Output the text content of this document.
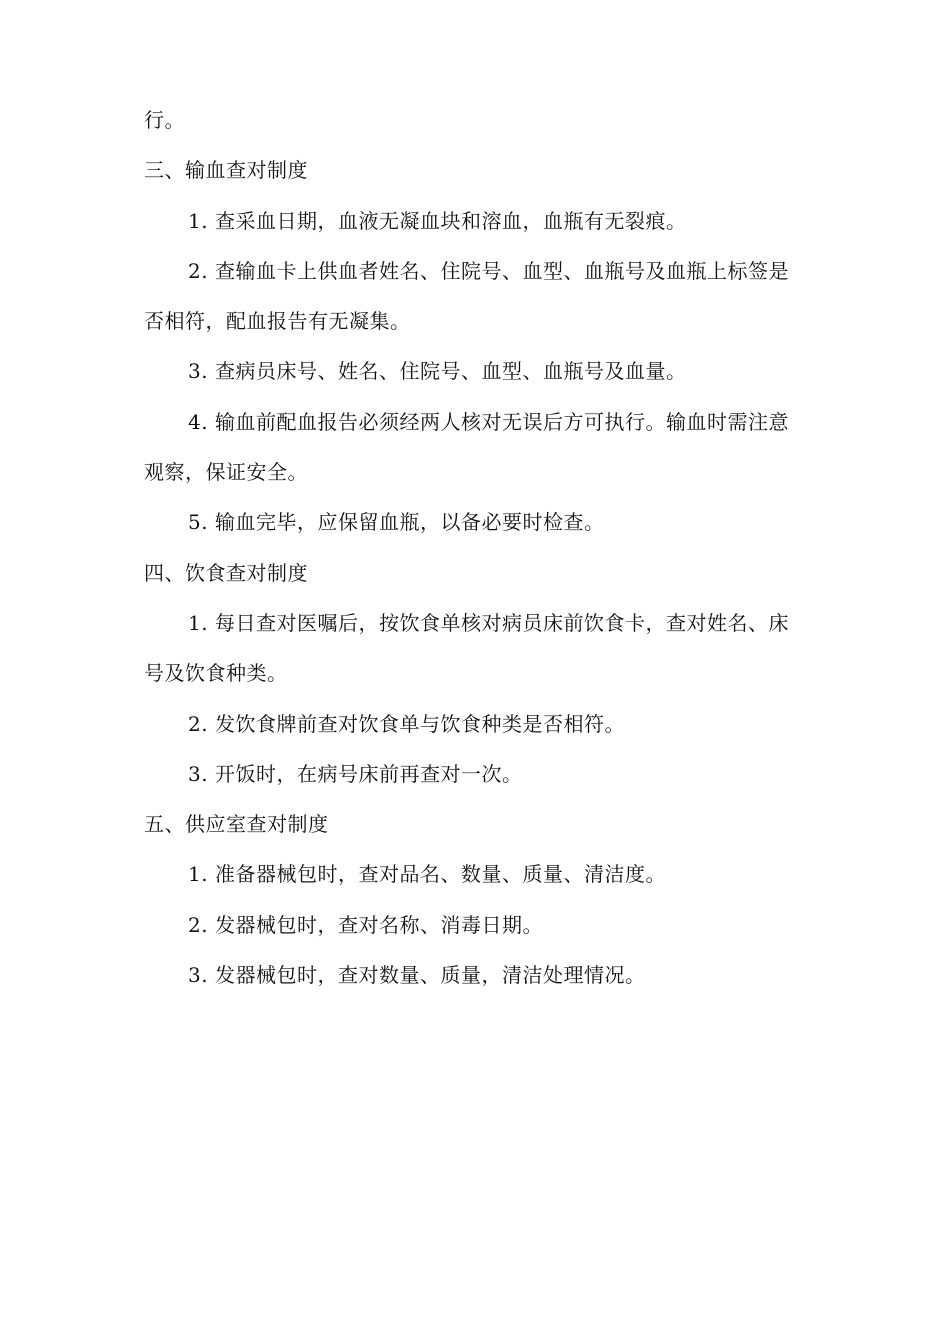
行。
三、输血查对制度
1. 查采血日期，血液无凝血块和溶血，血瓶有无裂痕。
2. 查输血卡上供血者姓名、住院号、血型、血瓶号及血瓶上标签是
否相符，配血报告有无凝集。
3. 查病员床号、姓名、住院号、血型、血瓶号及血量。
4. 输血前配血报告必须经两人核对无误后方可执行。输血时需注意
观察，保证安全。
5. 输血完毕，应保留血瓶，以备必要时检查。
四、饮食查对制度
1. 每日查对医嘱后，按饮食单核对病员床前饮食卡，查对姓名、床
号及饮食种类。
2. 发饮食牌前查对饮食单与饮食种类是否相符。
3. 开饭时，在病号床前再查对一次。
五、供应室查对制度
1. 准备器械包时，查对品名、数量、质量、清洁度。
2. 发器械包时，查对名称、消毒日期。
3. 发器械包时，查对数量、质量，清洁处理情况。
